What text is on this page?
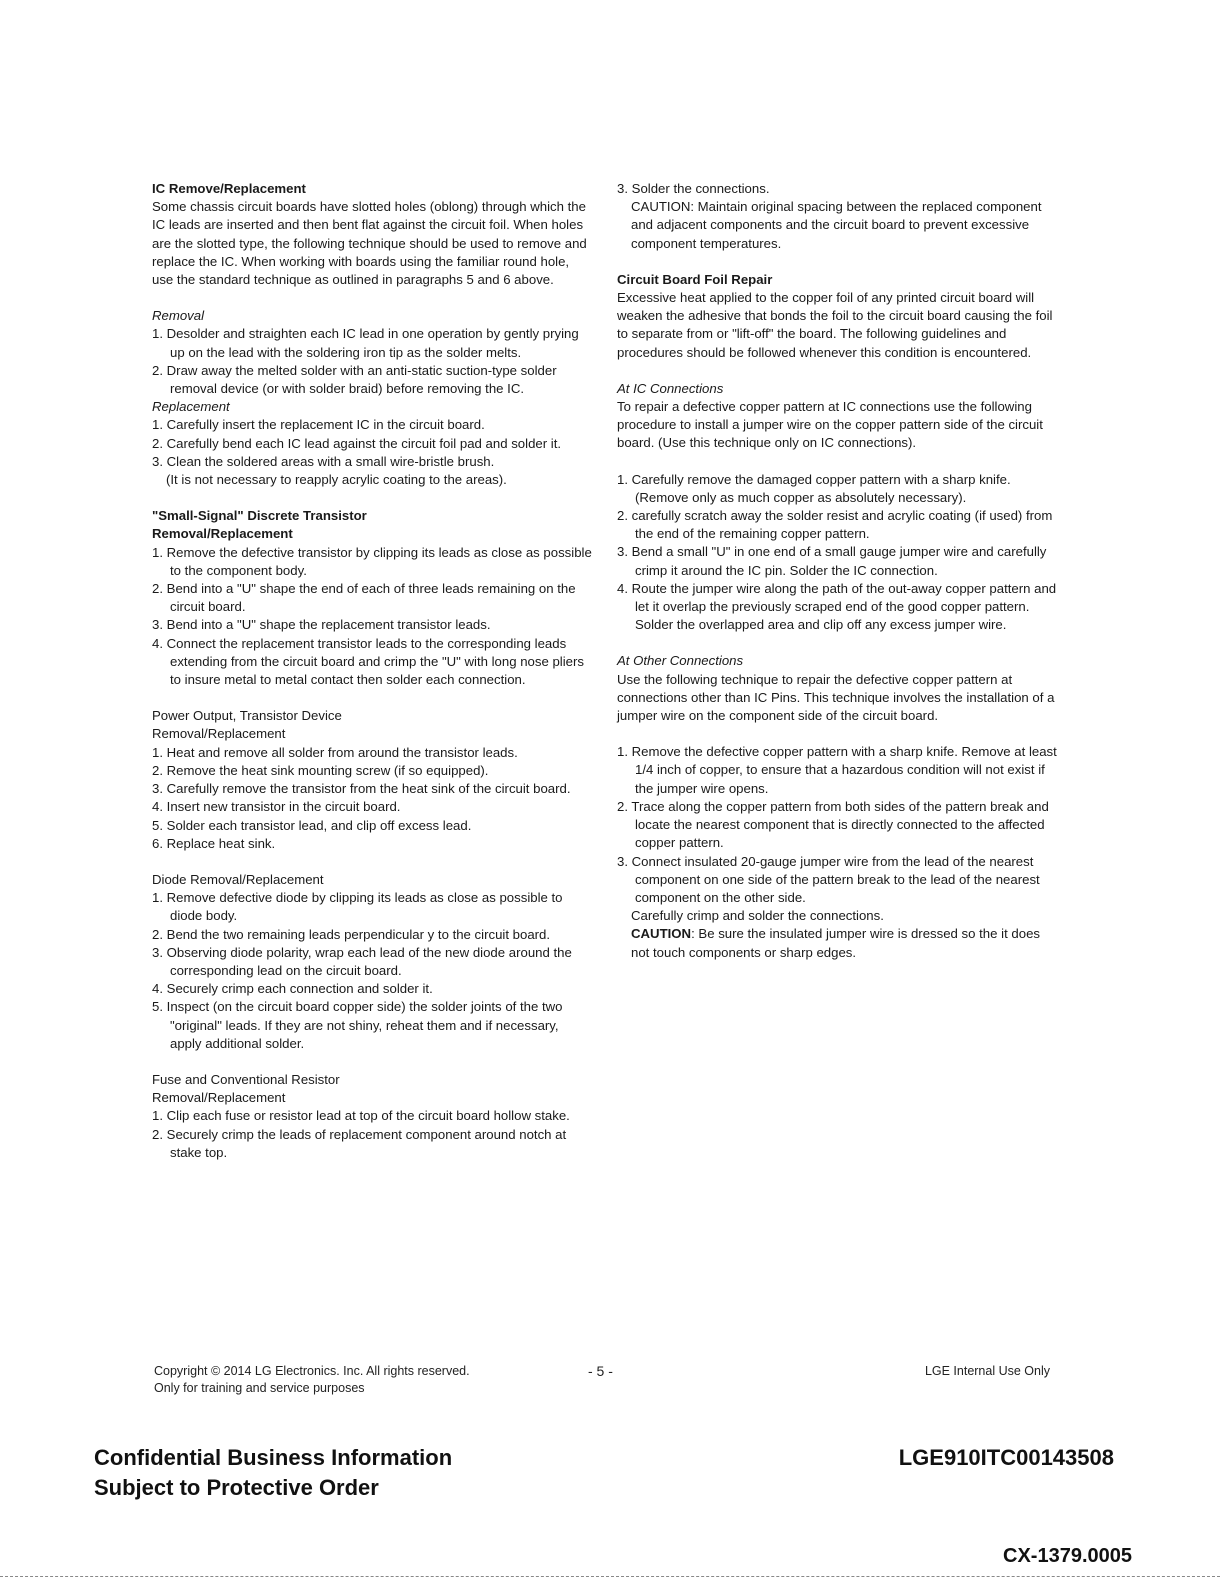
IC Remove/Replacement

Some chassis circuit boards have slotted holes (oblong) through which the IC leads are inserted and then bent flat against the circuit foil. When holes are the slotted type, the following technique should be used to remove and replace the IC. When working with boards using the familiar round hole, use the standard technique as outlined in paragraphs 5 and 6 above.

Removal

1. Desolder and straighten each IC lead in one operation by gently prying up on the lead with the soldering iron tip as the solder melts.
2. Draw away the melted solder with an anti-static suction-type solder removal device (or with solder braid) before removing the IC.

Replacement

1. Carefully insert the replacement IC in the circuit board.
2. Carefully bend each IC lead against the circuit foil pad and solder it.
3. Clean the soldered areas with a small wire-bristle brush.

(It is not necessary to reapply acrylic coating to the areas).

"Small-Signal" Discrete Transistor

Removal/Replacement

1. Remove the defective transistor by clipping its leads as close as possible to the component body.
2. Bend into a "U" shape the end of each of three leads remaining on the circuit board.
3. Bend into a "U" shape the replacement transistor leads.
4. Connect the replacement transistor leads to the corresponding leads extending from the circuit board and crimp the "U" with long nose pliers to insure metal to metal contact then solder each connection.

Power Output, Transistor Device

Removal/Replacement

1. Heat and remove all solder from around the transistor leads.
2. Remove the heat sink mounting screw (if so equipped).
3. Carefully remove the transistor from the heat sink of the circuit board.
4. Insert new transistor in the circuit board.
5. Solder each transistor lead, and clip off excess lead.
6. Replace heat sink.

Diode Removal/Replacement

1. Remove defective diode by clipping its leads as close as possible to diode body.
2. Bend the two remaining leads perpendicular y to the circuit board.
3. Observing diode polarity, wrap each lead of the new diode around the corresponding lead on the circuit board.
4. Securely crimp each connection and solder it.
5. Inspect (on the circuit board copper side) the solder joints of the two "original" leads. If they are not shiny, reheat them and if necessary, apply additional solder.

Fuse and Conventional Resistor

Removal/Replacement

1. Clip each fuse or resistor lead at top of the circuit board hollow stake.
2. Securely crimp the leads of replacement component around notch at stake top.

3. Solder the connections.

CAUTION: Maintain original spacing between the replaced component and adjacent components and the circuit board to prevent excessive component temperatures.

Circuit Board Foil Repair

Excessive heat applied to the copper foil of any printed circuit board will weaken the adhesive that bonds the foil to the circuit board causing the foil to separate from or "lift-off" the board. The following guidelines and procedures should be followed whenever this condition is encountered.

At IC Connections

To repair a defective copper pattern at IC connections use the following procedure to install a jumper wire on the copper pattern side of the circuit board. (Use this technique only on IC connections).

1. Carefully remove the damaged copper pattern with a sharp knife. (Remove only as much copper as absolutely necessary).
2. carefully scratch away the solder resist and acrylic coating (if used) from the end of the remaining copper pattern.
3. Bend a small "U" in one end of a small gauge jumper wire and carefully crimp it around the IC pin. Solder the IC connection.
4. Route the jumper wire along the path of the out-away copper pattern and let it overlap the previously scraped end of the good copper pattern. Solder the overlapped area and clip off any excess jumper wire.

At Other Connections

Use the following technique to repair the defective copper pattern at connections other than IC Pins. This technique involves the installation of a jumper wire on the component side of the circuit board.

1. Remove the defective copper pattern with a sharp knife. Remove at least 1/4 inch of copper, to ensure that a hazardous condition will not exist if the jumper wire opens.
2. Trace along the copper pattern from both sides of the pattern break and locate the nearest component that is directly connected to the affected copper pattern.
3. Connect insulated 20-gauge jumper wire from the lead of the nearest component on one side of the pattern break to the lead of the nearest component on the other side.

Carefully crimp and solder the connections.

CAUTION: Be sure the insulated jumper wire is dressed so the it does not touch components or sharp edges.

Copyright © 2014 LG Electronics. Inc. All rights reserved.
Only for training and service purposes
- 5 -	LGE Internal Use Only
Confidential Business Information
Subject to Protective Order
LGE910ITC00143508
CX-1379.0005
